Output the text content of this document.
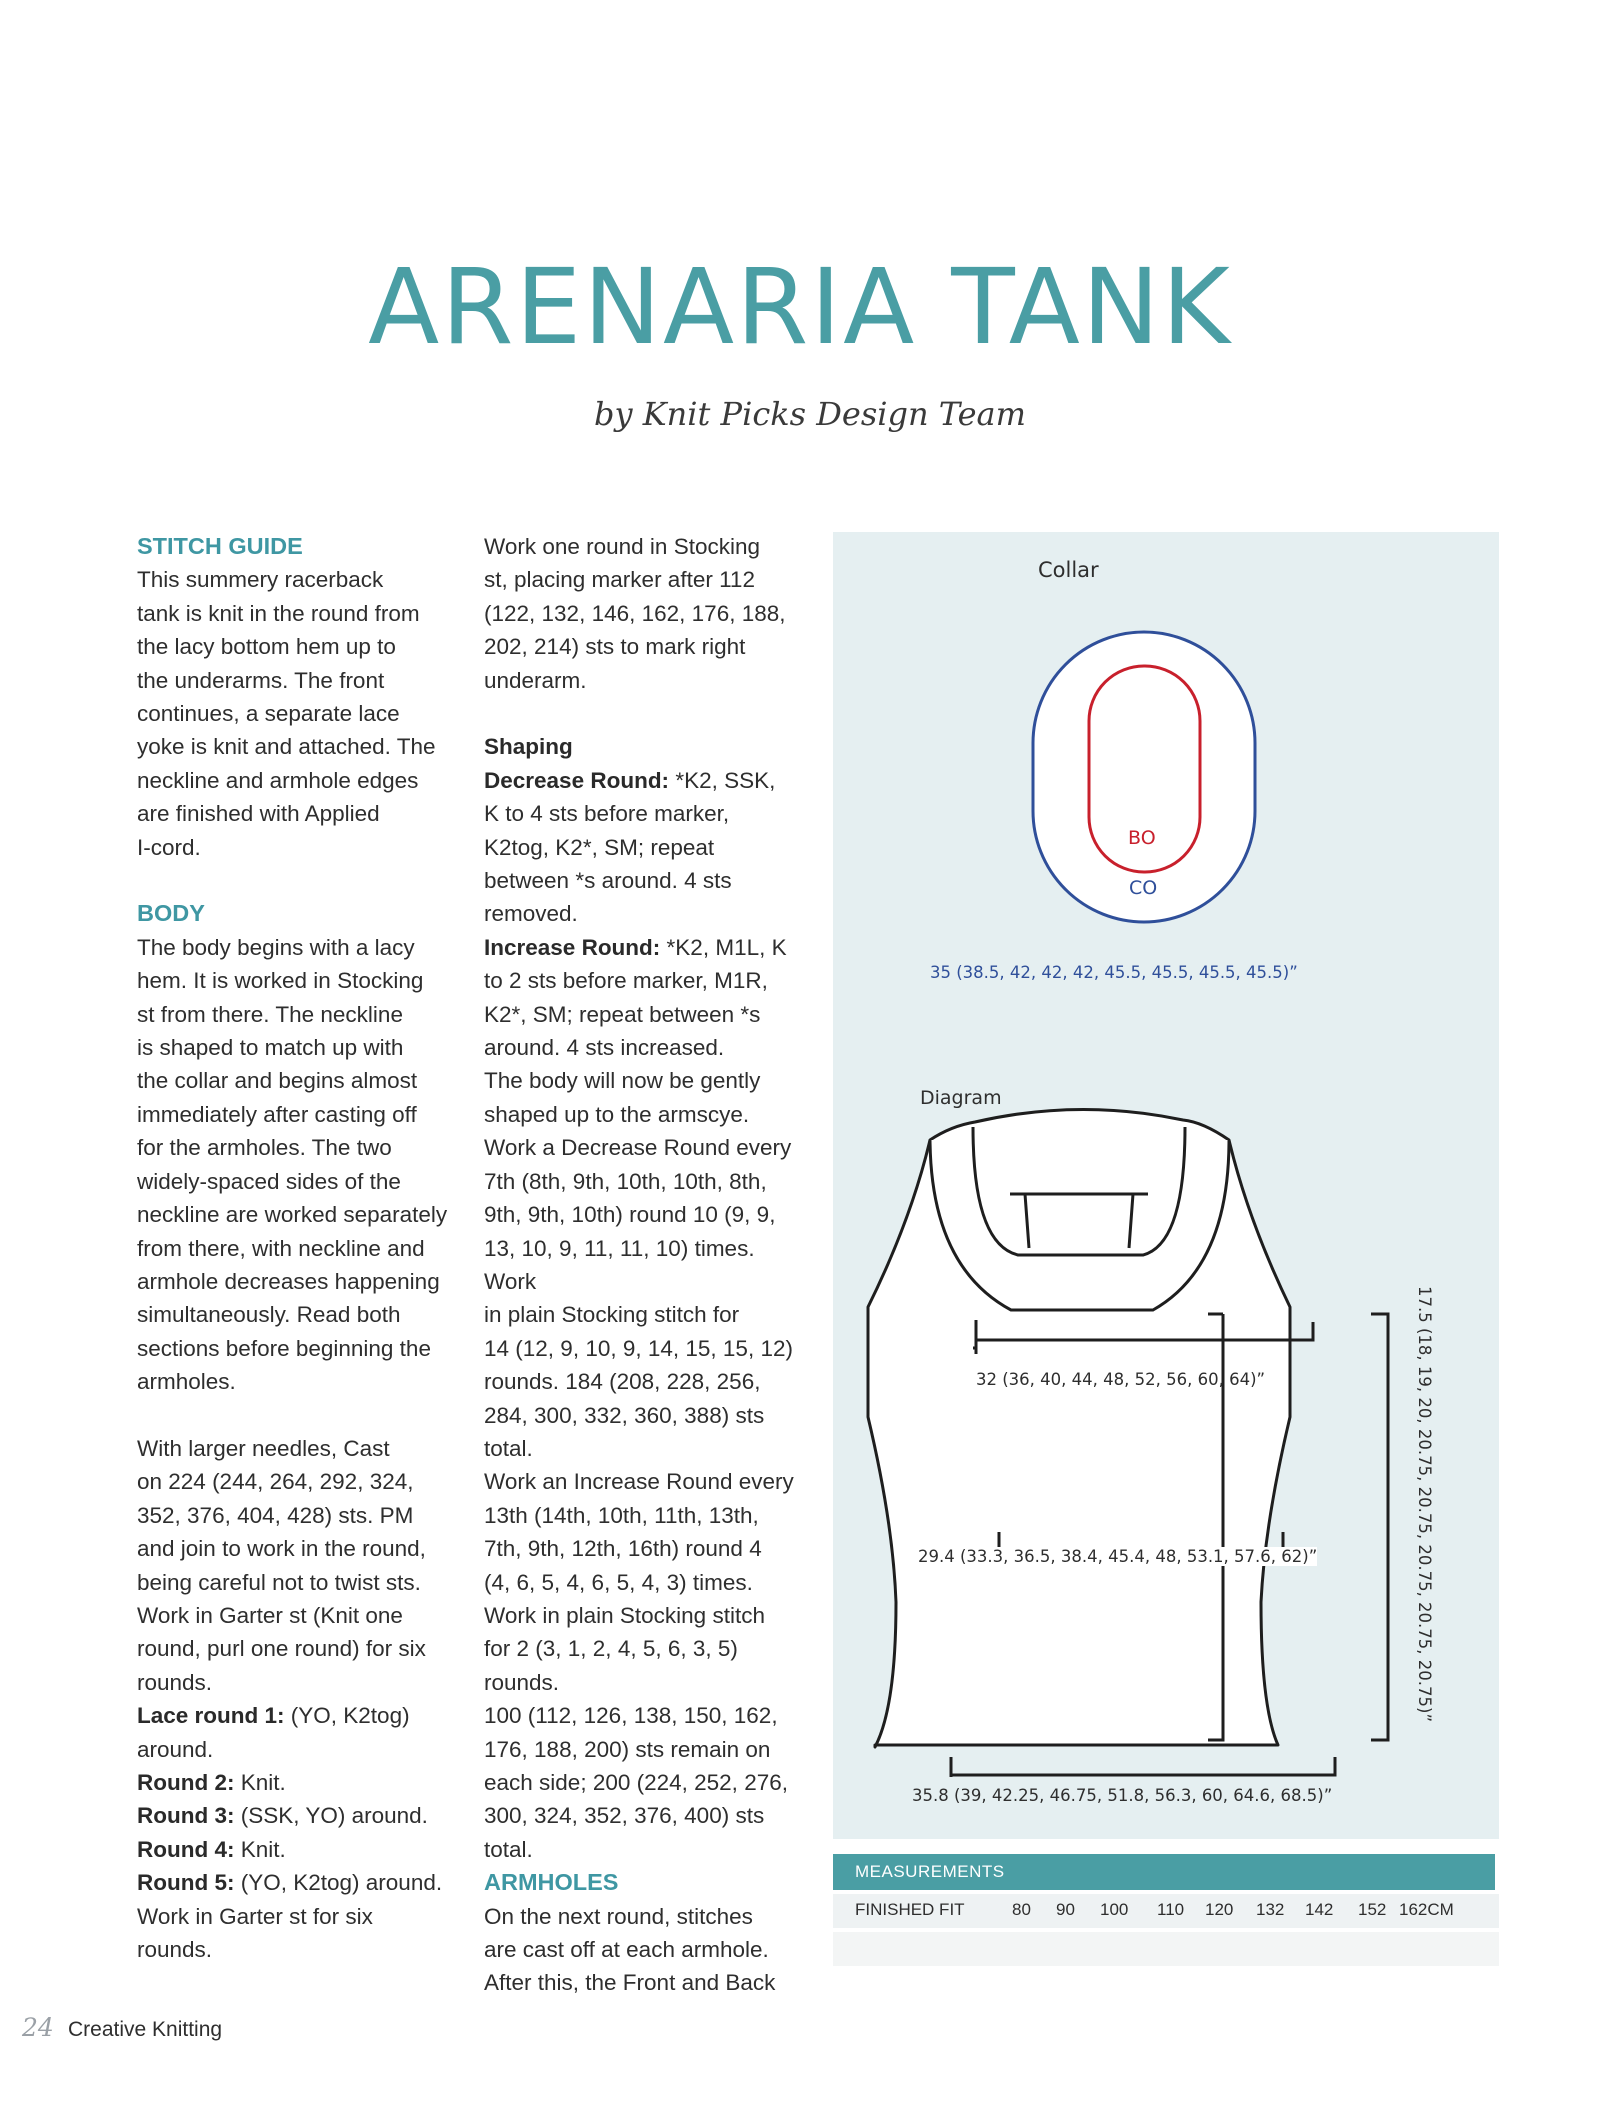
ARENARIA TANK
by Knit Picks Design Team

STITCH GUIDE

This summery racerback

tank is knit in the round from

the lacy bottom hem up to

the underarms. The front

continues, a separate lace

yoke is knit and attached. The

neckline and armhole edges

are finished with Applied

I-cord.

BODY

The body begins with a lacy

hem. It is worked in Stocking

st from there. The neckline

is shaped to match up with

the collar and begins almost

immediately after casting off

for the armholes. The two

widely-spaced sides of the

neckline are worked separately

from there, with neckline and

armhole decreases happening

simultaneously. Read both

sections before beginning the

armholes.

With larger needles, Cast

on 224 (244, 264, 292, 324,

352, 376, 404, 428) sts. PM

and join to work in the round,

being careful not to twist sts.

Work in Garter st (Knit one

round, purl one round) for six

rounds.

Lace round 1: (YO, K2tog)

around.

Round 2: Knit.

Round 3: (SSK, YO) around.

Round 4: Knit.

Round 5: (YO, K2tog) around.

Work in Garter st for six

rounds.

Work one round in Stocking

st, placing marker after 112

(122, 132, 146, 162, 176, 188,

202, 214) sts to mark right

underarm.

Shaping

Decrease Round: *K2, SSK,

K to 4 sts before marker,

K2tog, K2*, SM; repeat

between *s around. 4 sts

removed.

Increase Round: *K2, M1L, K

to 2 sts before marker, M1R,

K2*, SM; repeat between *s

around. 4 sts increased.

The body will now be gently

shaped up to the armscye.

Work a Decrease Round every

7th (8th, 9th, 10th, 10th, 8th,

9th, 9th, 10th) round 10 (9, 9,

13, 10, 9, 11, 11, 10) times. Work

in plain Stocking stitch for

14 (12, 9, 10, 9, 14, 15, 15, 12)

rounds. 184 (208, 228, 256,

284, 300, 332, 360, 388) sts

total.

Work an Increase Round every

13th (14th, 10th, 11th, 13th,

7th, 9th, 12th, 16th) round 4

(4, 6, 5, 4, 6, 5, 4, 3) times.

Work in plain Stocking stitch

for 2 (3, 1, 2, 4, 5, 6, 3, 5)

rounds.

100 (112, 126, 138, 150, 162,

176, 188, 200) sts remain on

each side; 200 (224, 252, 276,

300, 324, 352, 376, 400) sts

total.

ARMHOLES

On the next round, stitches

are cast off at each armhole.

After this, the Front and Back

Collar
BO
CO
35 (38.5, 42, 42, 42, 45.5, 45.5, 45.5, 45.5)”
Diagram
32 (36, 40, 44, 48, 52, 56, 60, 64)”
29.4 (33.3, 36.5, 38.4, 45.4, 48, 53.1, 57.6, 62)”
35.8 (39, 42.25, 46.75, 51.8, 56.3, 60, 64.6, 68.5)”
17.5 (18, 19, 20, 20.75, 20.75, 20.75, 20.75, 20.75)”
MEASUREMENTS
FINISHED FIT	80 90 100 110 120 132 142 152 162CM
24 Creative Knitting
